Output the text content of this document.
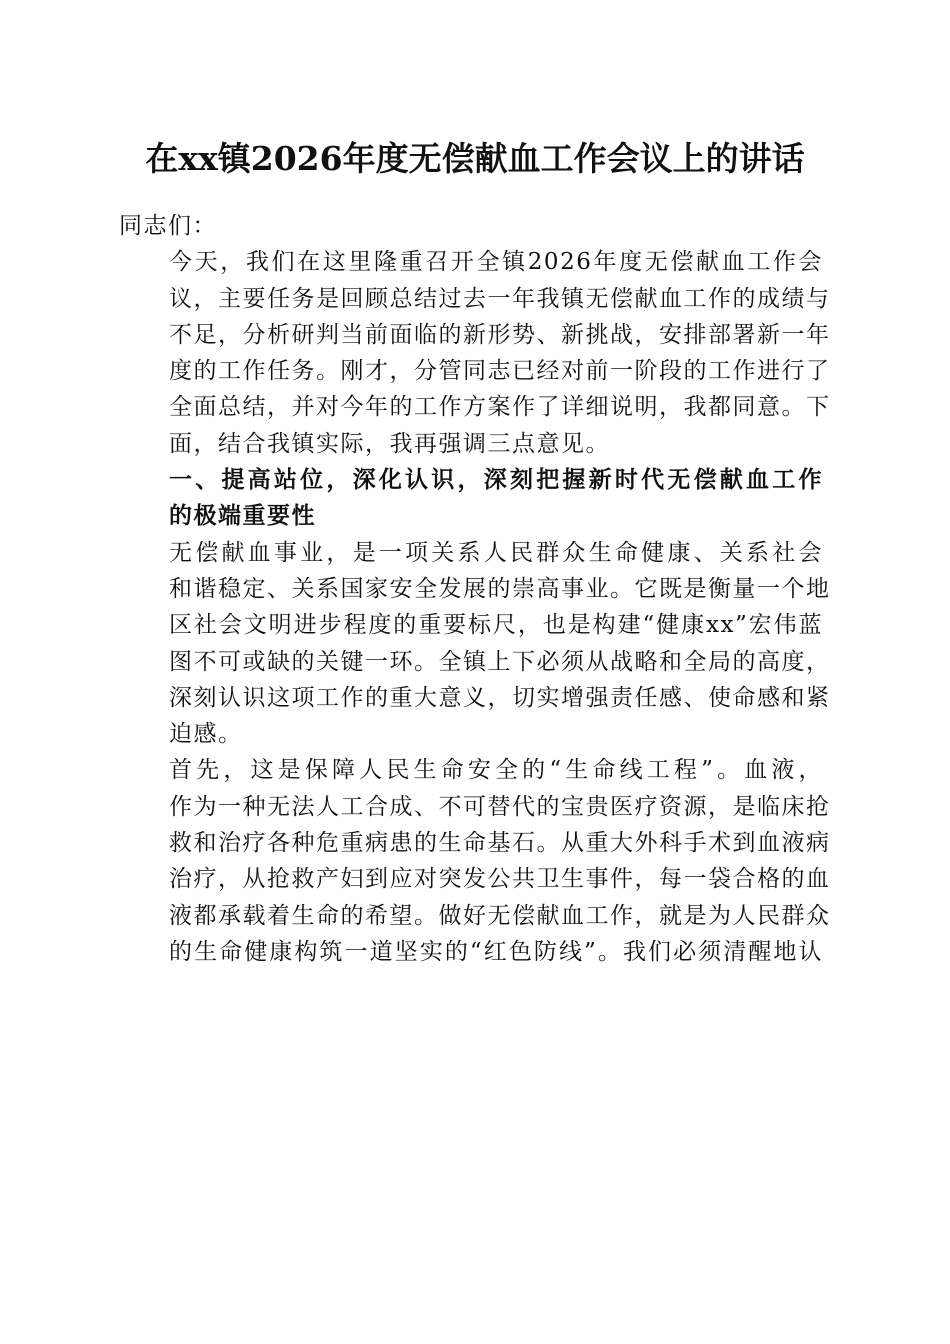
在xx镇2026年度无偿献血工作会议上的讲话

同志们：

今天，我们在这里隆重召开全镇2026年度无偿献血工作会
议，主要任务是回顾总结过去一年我镇无偿献血工作的成绩与
不足，分析研判当前面临的新形势、新挑战，安排部署新一年
度的工作任务。刚才，分管同志已经对前一阶段的工作进行了
全面总结，并对今年的工作方案作了详细说明，我都同意。下
面，结合我镇实际，我再强调三点意见。

一、提高站位，深化认识，深刻把握新时代无偿献血工作
的极端重要性

无偿献血事业，是一项关系人民群众生命健康、关系社会
和谐稳定、关系国家安全发展的崇高事业。它既是衡量一个地
区社会文明进步程度的重要标尺，也是构建“健康xx”宏伟蓝
图不可或缺的关键一环。全镇上下必须从战略和全局的高度，
深刻认识这项工作的重大意义，切实增强责任感、使命感和紧
迫感。

首先，这是保障人民生命安全的“生命线工程”。血液，
作为一种无法人工合成、不可替代的宝贵医疗资源，是临床抢
救和治疗各种危重病患的生命基石。从重大外科手术到血液病
治疗，从抢救产妇到应对突发公共卫生事件，每一袋合格的血
液都承载着生命的希望。做好无偿献血工作，就是为人民群众
的生命健康构筑一道坚实的“红色防线”。我们必须清醒地认
